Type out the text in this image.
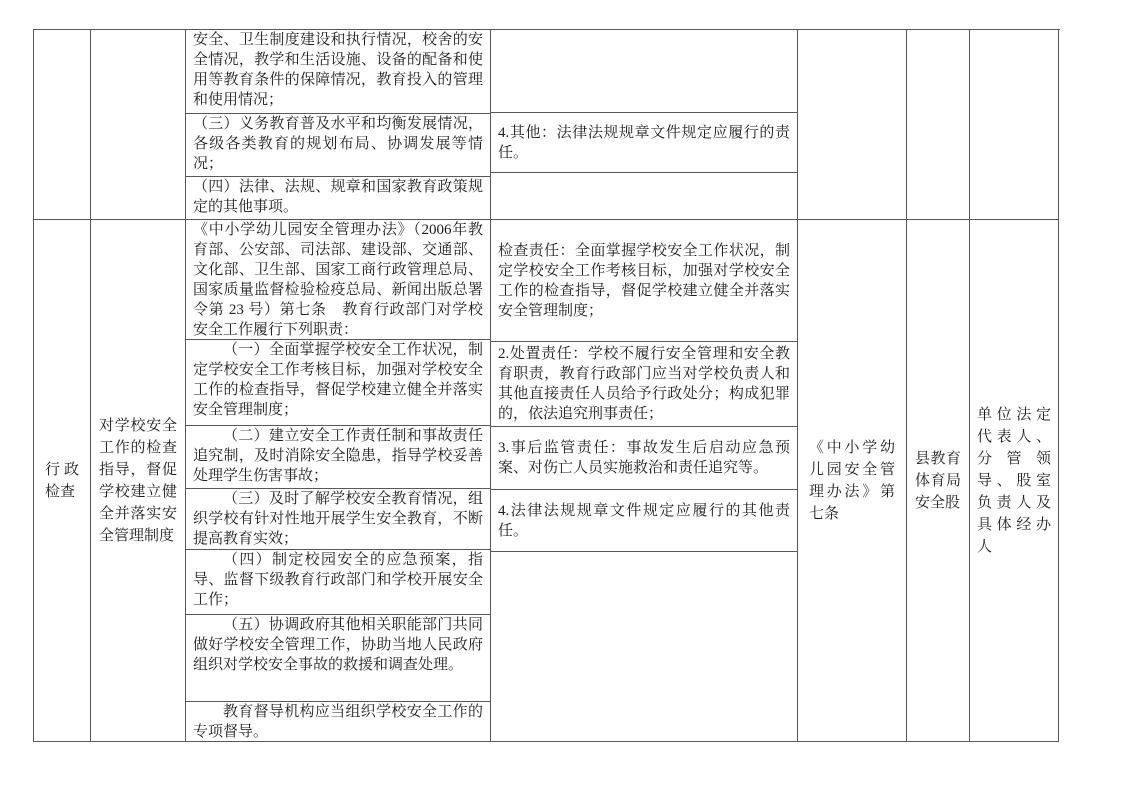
安全、卫生制度建设和执行情况，校舍的安全情况，教学和生活设施、设备的配备和使用等教育条件的保障情况，教育投入的管理和使用情况；
（三）义务教育普及水平和均衡发展情况，各级各类教育的规划布局、协调发展等情况；
（四）法律、法规、规章和国家教育政策规定的其他事项。
4.其他：法律法规规章文件规定应履行的责任。
行政检查
对学校安全工作的检查指导，督促学校建立健全并落实安全管理制度
《中小学幼儿园安全管理办法》（2006年教育部、公安部、司法部、建设部、交通部、文化部、卫生部、国家工商行政管理总局、国家质量监督检验检疫总局、新闻出版总署令第 23 号）第七条　教育行政部门对学校安全工作履行下列职责：
（一）全面掌握学校安全工作状况，制定学校安全工作考核目标，加强对学校安全工作的检查指导，督促学校建立健全并落实安全管理制度；
（二）建立安全工作责任制和事故责任追究制，及时消除安全隐患，指导学校妥善处理学生伤害事故；
（三）及时了解学校安全教育情况，组织学校有针对性地开展学生安全教育，不断提高教育实效；
（四）制定校园安全的应急预案，指导、监督下级教育行政部门和学校开展安全工作；
（五）协调政府其他相关职能部门共同做好学校安全管理工作，协助当地人民政府组织对学校安全事故的救援和调查处理。
教育督导机构应当组织学校安全工作的专项督导。
检查责任：全面掌握学校安全工作状况，制定学校安全工作考核目标，加强对学校安全工作的检查指导，督促学校建立健全并落实安全管理制度；
2.处置责任：学校不履行安全管理和安全教育职责，教育行政部门应当对学校负责人和其他直接责任人员给予行政处分；构成犯罪的，依法追究刑事责任；
3.事后监管责任：事故发生后启动应急预案、对伤亡人员实施救治和责任追究等。
4.法律法规规章文件规定应履行的其他责任。
《中小学幼儿园安全管理办法》第七条
县教育体育局安全股
单位法定代表人、分管领导、股室负责人及具体经办人
